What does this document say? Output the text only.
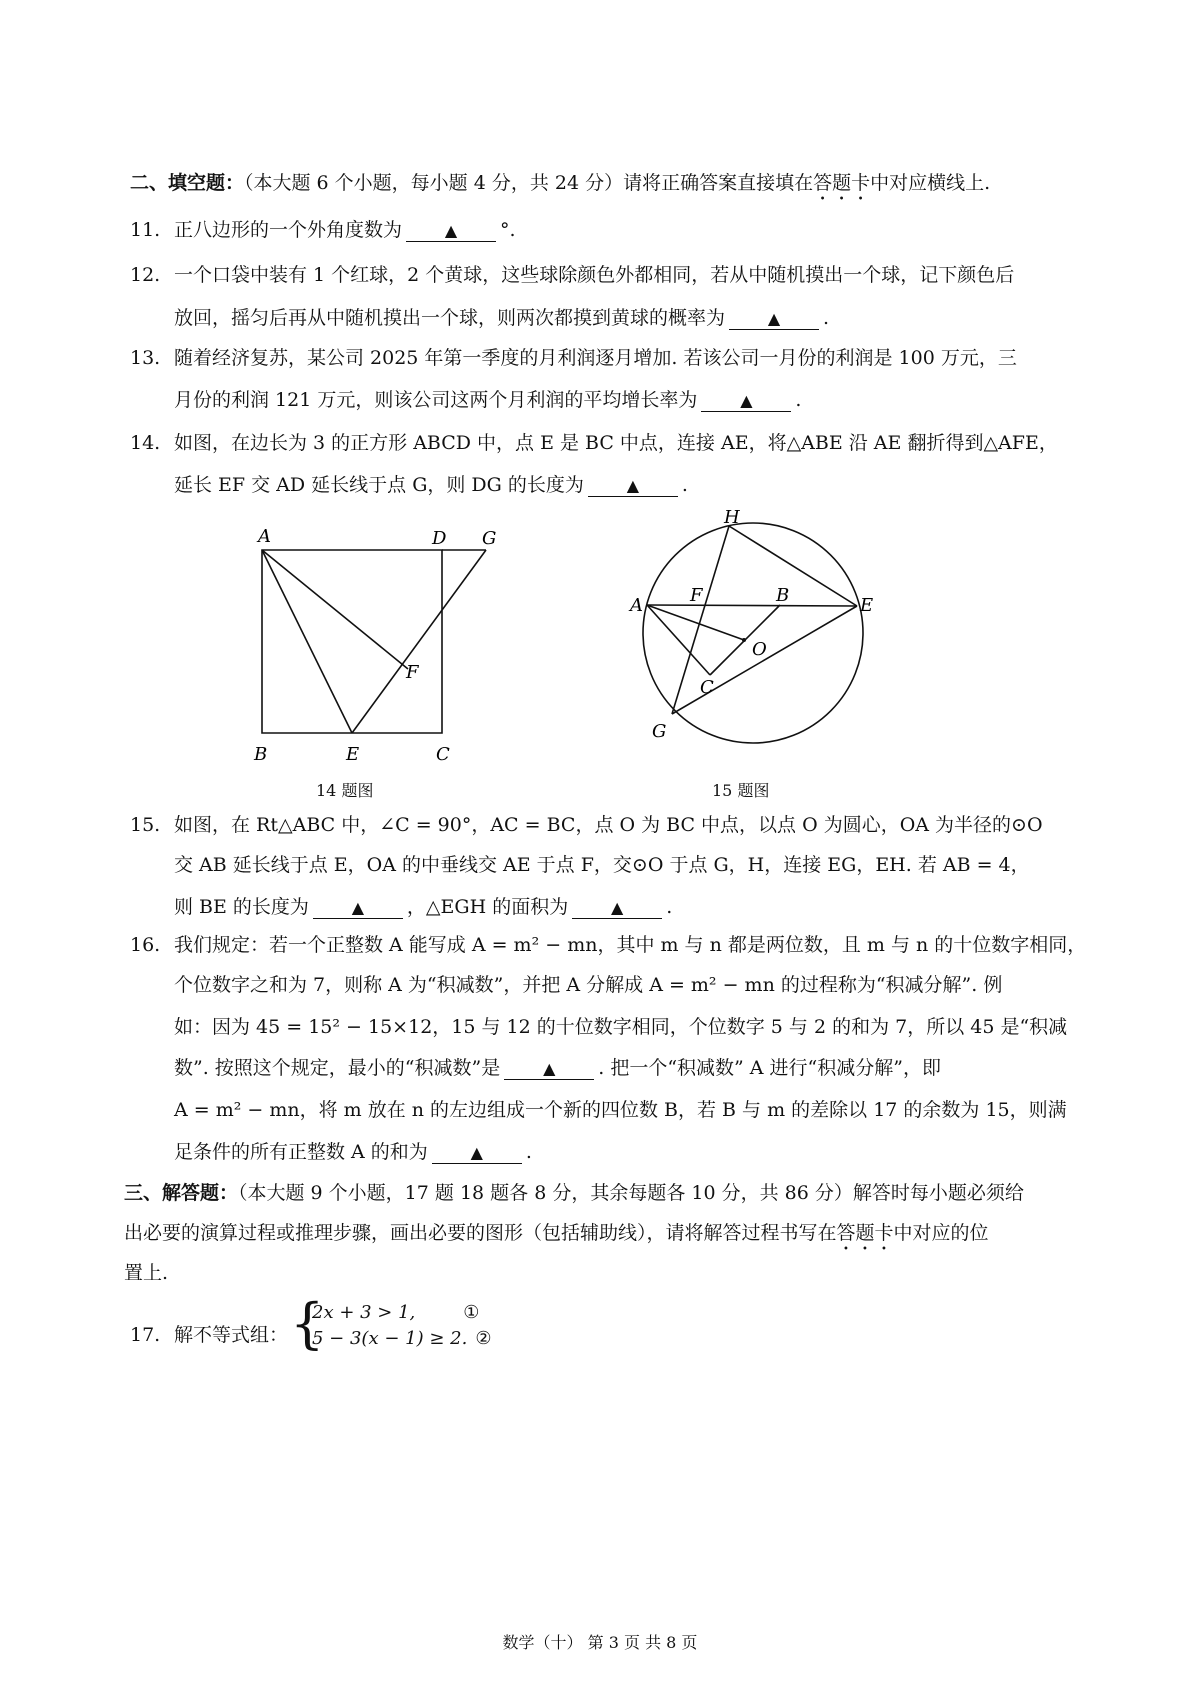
二、填空题：（本大题 6 个小题，每小题 4 分，共 24 分）请将正确答案直接填在答题卡中对应横线上.
11. 正八边形的一个外角度数为	▲ °.
12. 一个口袋中装有 1 个红球，2 个黄球，这些球除颜色外都相同，若从中随机摸出一个球，记下颜色后
放回，摇匀后再从中随机摸出一个球，则两次都摸到黄球的概率为	▲ .
13. 随着经济复苏，某公司 2025 年第一季度的月利润逐月增加. 若该公司一月份的利润是 100 万元，三
月份的利润 121 万元，则该公司这两个月利润的平均增长率为	▲ .
14. 如图，在边长为 3 的正方形 ABCD 中，点 E 是 BC 中点，连接 AE，将△ABE 沿 AE 翻折得到△AFE，
延长 EF 交 AD 延长线于点 G，则 DG 的长度为	▲ .
A
B	C
D
E
F
G
14 题图
H
A	F	B	E
O
C
G
15 题图
15. 如图，在 Rt△ABC 中，∠C = 90°，AC = BC，点 O 为 BC 中点，以点 O 为圆心，OA 为半径的⊙O
交 AB 延长线于点 E，OA 的中垂线交 AE 于点 F，交⊙O 于点 G，H，连接 EG，EH. 若 AB = 4，
则 BE 的长度为	▲ ，△EGH 的面积为	▲ .
16. 我们规定：若一个正整数 A 能写成 A = m² − mn，其中 m 与 n 都是两位数，且 m 与 n 的十位数字相同，
个位数字之和为 7，则称 A 为“积减数”，并把 A 分解成 A = m² − mn 的过程称为“积减分解”. 例
如：因为 45 = 15² − 15×12，15 与 12 的十位数字相同，个位数字 5 与 2 的和为 7，所以 45 是“积减
数”. 按照这个规定，最小的“积减数”是	▲ . 把一个“积减数” A 进行“积减分解”，即
A = m² − mn，将 m 放在 n 的左边组成一个新的四位数 B，若 B 与 m 的差除以 17 的余数为 15，则满
足条件的所有正整数 A 的和为	▲ .
三、解答题：（本大题 9 个小题，17 题 18 题各 8 分，其余每题各 10 分，共 86 分）解答时每小题必须给
出必要的演算过程或推理步骤，画出必要的图形（包括辅助线），请将解答过程书写在答题卡中对应的位
置上.
17. 解不等式组： {
2x + 3 > 1,	①
5 − 3(x − 1) ≥ 2. ②
数学（十） 第 3 页 共 8 页
